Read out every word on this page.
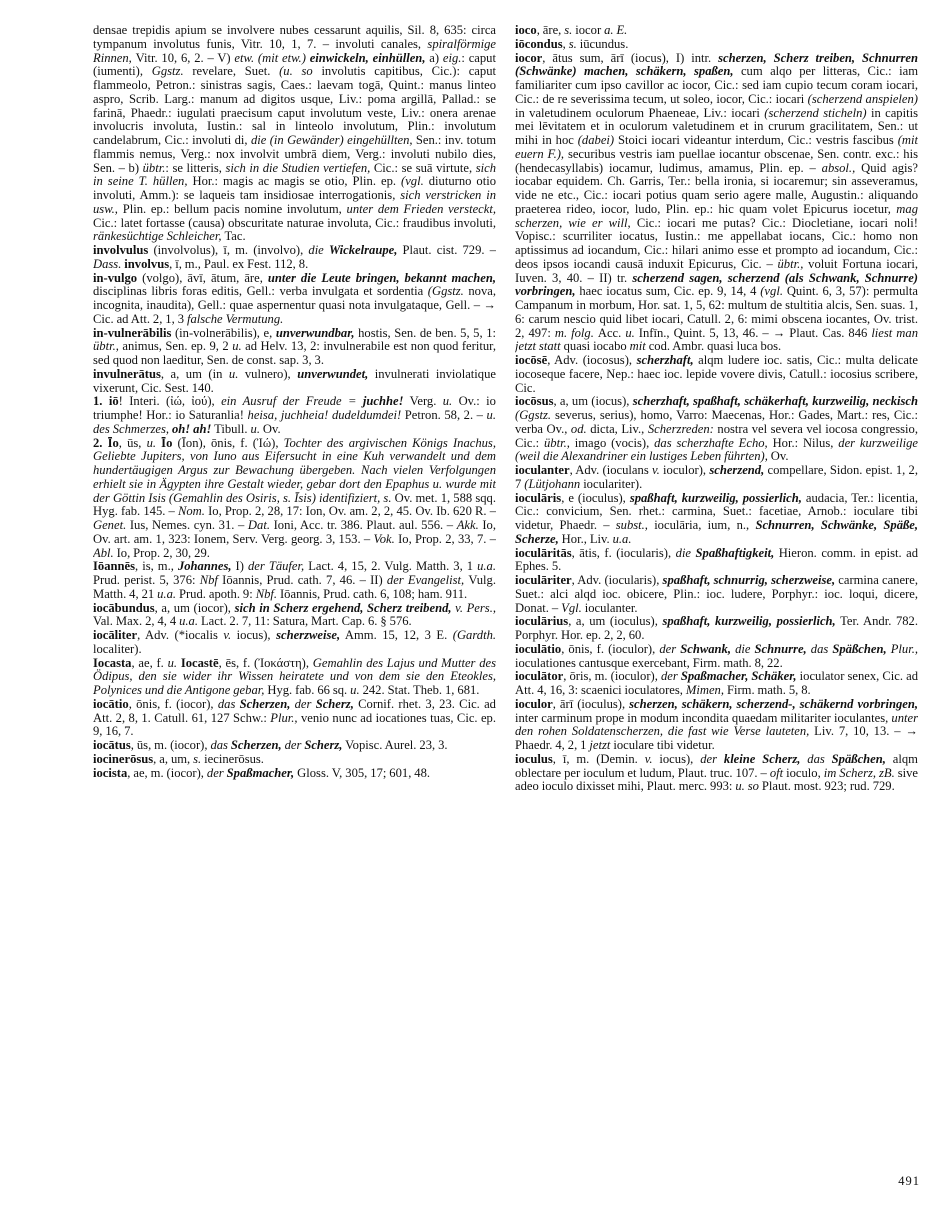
densae trepidis apium se involvere nubes cessarunt aquilis, Sil. 8, 635: circa tympanum involutus funis, Vitr. 10, 1, 7. – involuti canales, spiralförmige Rinnen, Vitr. 10, 6, 2. – V) etw. (mit etw.) einwickeln, einhüllen, a) eig.: caput (iumenti), Ggstz. revelare, Suet. (u. so involutis capitibus, Cic.): caput flammeolo, Petron.: sinistras sagis, Caes.: laevam togā, Quint.: manus linteo aspro, Scrib. Larg.: manum ad digitos usque, Liv.: poma argillā, Pallad.: se farinā, Phaedr.: iugulati praecisum caput involutum veste, Liv.: onera arenae involucris involuta, Iustin.: sal in linteolo involutum, Plin.: involutum candelabrum, Cic.: involuti di, die (in Gewänder) eingehüllten, Sen.: inv. totum flammis nemus, Verg.: nox involvit umbrā diem, Verg.: involuti nubilo dies, Sen. – b) übtr.: se litteris, sich in die Studien vertiefen, Cic.: se suā virtute, sich in seine T. hüllen, Hor.: magis ac magis se otio, Plin. ep. (vgl. diuturno otio involuti, Amm.): se laqueis tam insidiosae interrogationis, sich verstricken in usw., Plin. ep.: bellum pacis nomine involutum, unter dem Frieden versteckt, Cic.: latet fortasse (causa) obscuritate naturae involuta, Cic.: fraudibus involuti, ränkesüchtige Schleicher, Tac.

involvulus (involvolus), ī, m. (involvo), die Wickelraupe, Plaut. cist. 729. – Dass. involvus, ī, m., Paul. ex Fest. 112, 8.

in-vulgo (volgo), āvī, ātum, āre, unter die Leute bringen, bekannt machen, disciplinas libris foras editis, Gell.: verba invulgata et sordentia (Ggstz. nova, incognita, inaudita), Gell.: quae aspernentur quasi nota invulgataque, Gell. – → Cic. ad Att. 2, 1, 3 falsche Vermutung.

in-vulnerābilis (in-volnerābilis), e, unverwundbar, hostis, Sen. de ben. 5, 5, 1: übtr., animus, Sen. ep. 9, 2 u. ad Helv. 13, 2: invulnerabile est non quod feritur, sed quod non laeditur, Sen. de const. sap. 3, 3.

invulnerātus, a, um (in u. vulnero), unverwundet, invulnerati inviolatique vixerunt, Cic. Sest. 140.

1. iō! Interi. (ἰώ, ἰού), ein Ausruf der Freude = juchhe! Verg. u. Ov.: io triumphe! Hor.: io Saturanlia! heisa, juchheia! dudeldumdei! Petron. 58, 2. – u. des Schmerzes, oh! ah! Tibull. u. Ov.

2. Īo, ūs, u. Īo (Īon), ōnis, f. (Ἰώ), Tochter des argivischen Königs Inachus, Geliebte Jupiters, von Iuno aus Eifersucht in eine Kuh verwandelt und dem hundertäugigen Argus zur Bewachung übergeben. Nach vielen Verfolgungen erhielt sie in Ägypten ihre Gestalt wieder, gebar dort den Epaphus u. wurde mit der Göttin Isis (Gemahlin des Osiris, s. Īsis) identifiziert, s. Ov. met. 1, 588 sqq. Hyg. fab. 145. – Nom. Io, Prop. 2, 28, 17: Ion, Ov. am. 2, 2, 45. Ov. Ib. 620 R. – Genet. Ius, Nemes. cyn. 31. – Dat. Ioni, Acc. tr. 386. Plaut. aul. 556. – Akk. Io, Ov. art. am. 1, 323: Ionem, Serv. Verg. georg. 3, 153. – Vok. Io, Prop. 2, 33, 7. – Abl. Io, Prop. 2, 30, 29.

Iōannēs, is, m., Johannes, I) der Täufer, Lact. 4, 15, 2. Vulg. Matth. 3, 1 u.a. Prud. perist. 5, 376: Nbf Iōannis, Prud. cath. 7, 46. – II) der Evangelist, Vulg. Matth. 4, 21 u.a. Prud. apoth. 9: Nbf. Iōannis, Prud. cath. 6, 108; ham. 911.

iocābundus, a, um (iocor), sich in Scherz ergehend, Scherz treibend, v. Pers., Val. Max. 2, 4, 4 u.a. Lact. 2. 7, 11: Satura, Mart. Cap. 6. § 576.

iocāliter, Adv. (*iocalis v. iocus), scherzweise, Amm. 15, 12, 3 E. (Gardth. localiter).

Iocasta, ae, f. u. Iocastē, ēs, f. (Ἰοκάστη), Gemahlin des Lajus und Mutter des Ödipus, den sie wider ihr Wissen heiratete und von dem sie den Eteokles, Polynices und die Antigone gebar, Hyg. fab. 66 sq. u. 242. Stat. Theb. 1, 681.

iocātio, ōnis, f. (iocor), das Scherzen, der Scherz, Cornif. rhet. 3, 23. Cic. ad Att. 2, 8, 1. Catull. 61, 127 Schw.: Plur., venio nunc ad iocationes tuas, Cic. ep. 9, 16, 7.

iocātus, ūs, m. (iocor), das Scherzen, der Scherz, Vopisc. Aurel. 23, 3.

iocinerōsus, a, um, s. iecinerōsus.

iocista, ae, m. (iocor), der Spaßmacher, Gloss. V, 305, 17; 601, 48.

ioco, āre, s. iocor a. E.

iōcondus, s. iūcundus.

iocor, ātus sum, ārī (iocus), I) intr. scherzen, Scherz treiben, Schnurren (Schwänke) machen, schäkern, spaßen, cum alqo per litteras, Cic.: iam familiariter cum ipso cavillor ac iocor, Cic.: sed iam cupio tecum coram iocari, Cic.: de re severissima tecum, ut soleo, iocor, Cic.: iocari (scherzend anspielen) in valetudinem oculorum Phaeneae, Liv.: iocari (scherzend sticheln) in capitis mei lēvitatem et in oculorum valetudinem et in crurum gracilitatem, Sen.: ut mihi in hoc (dabei) Stoici iocari videantur interdum, Cic.: vestris fascibus (mit euern F.), securibus vestris iam puellae iocantur obscenae, Sen. contr. exc.: his (hendecasyllabis) iocamur, ludimus, amamus, Plin. ep. – absol., Quid agis? iocabar equidem. Ch. Garris, Ter.: bella ironia, si iocaremur; sin asseveramus, vide ne etc., Cic.: iocari potius quam serio agere malle, Augustin.: aliquando praeterea rideo, iocor, ludo, Plin. ep.: hic quam volet Epicurus iocetur, mag scherzen, wie er will, Cic.: iocari me putas? Cic.: Diocletiane, iocari noli! Vopisc.: scurriliter iocatus, Iustin.: me appellabat iocans, Cic.: homo non aptissimus ad iocandum, Cic.: hilari animo esse et prompto ad iocandum, Cic.: deos ipsos iocandi causā induxit Epicurus, Cic. – übtr., voluit Fortuna iocari, Iuven. 3, 40. – II) tr. scherzend sagen, scherzend (als Schwank, Schnurre) vorbringen, haec iocatus sum, Cic. ep. 9, 14, 4 (vgl. Quint. 6, 3, 57): permulta Campanum in morbum, Hor. sat. 1, 5, 62: multum de stultitia alcis, Sen. suas. 1, 6: carum nescio quid libet iocari, Catull. 2, 6: mimi obscena iocantes, Ov. trist. 2, 497: m. folg. Acc. u. Infīn., Quint. 5, 13, 46. – → Plaut. Cas. 846 liest man jetzt statt quasi iocabo mit cod. Ambr. quasi luca bos.

iocōsē, Adv. (iocosus), scherzhaft, alqm ludere ioc. satis, Cic.: multa delicate iocoseque facere, Nep.: haec ioc. lepide vovere divis, Catull.: iocosius scribere, Cic.

iocōsus, a, um (iocus), scherzhaft, spaßhaft, schäkerhaft, kurzweilig, neckisch (Ggstz. severus, serius), homo, Varro: Maecenas, Hor.: Gades, Mart.: res, Cic.: verba Ov., od. dicta, Liv., Scherzreden: nostra vel severa vel iocosa congressio, Cic.: übtr., imago (vocis), das scherzhafte Echo, Hor.: Nilus, der kurzweilige (weil die Alexandriner ein lustiges Leben führten), Ov.

ioculanter, Adv. (ioculans v. ioculor), scherzend, compellare, Sidon. epist. 1, 2, 7 (Lütjohann ioculariter).

ioculāris, e (ioculus), spaßhaft, kurzweilig, possierlich, audacia, Ter.: licentia, Cic.: convicium, Sen. rhet.: carmina, Suet.: facetiae, Arnob.: ioculare tibi videtur, Phaedr. – subst., ioculāria, ium, n., Schnurren, Schwänke, Späße, Scherze, Hor., Liv. u.a.

ioculāritās, ātis, f. (iocularis), die Spaßhaftigkeit, Hieron. comm. in epist. ad Ephes. 5.

ioculāriter, Adv. (iocularis), spaßhaft, schnurrig, scherzweise, carmina canere, Suet.: alci alqd ioc. obicere, Plin.: ioc. ludere, Porphyr.: ioc. loqui, dicere, Donat. – Vgl. ioculanter.

ioculārius, a, um (ioculus), spaßhaft, kurzweilig, possierlich, Ter. Andr. 782. Porphyr. Hor. ep. 2, 2, 60.

ioculātio, ōnis, f. (ioculor), der Schwank, die Schnurre, das Späßchen, Plur., ioculationes cantusque exercebant, Firm. math. 8, 22.

ioculātor, ōris, m. (ioculor), der Spaßmacher, Schäker, ioculator senex, Cic. ad Att. 4, 16, 3: scaenici ioculatores, Mimen, Firm. math. 5, 8.

ioculor, ārī (ioculus), scherzen, schäkern, scherzend-, schäkernd vorbringen, inter carminum prope in modum incondita quaedam militariter ioculantes, unter den rohen Soldatenscherzen, die fast wie Verse lauteten, Liv. 7, 10, 13. – → Phaedr. 4, 2, 1 jetzt ioculare tibi videtur.

ioculus, ī, m. (Demin. v. iocus), der kleine Scherz, das Späßchen, alqm oblectare per ioculum et ludum, Plaut. truc. 107. – oft ioculo, im Scherz, zB. sive adeo ioculo dixisset mihi, Plaut. merc. 993: u. so Plaut. most. 923; rud. 729.

491
